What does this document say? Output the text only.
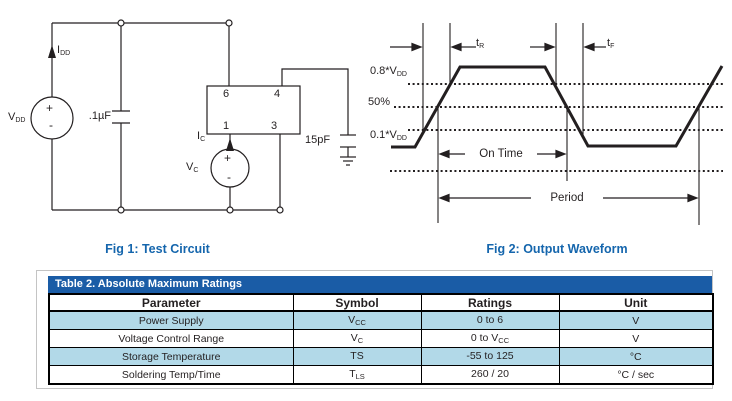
$I_{DD}$
$V_{DD}$
+
-
.1µF
6	4
1	3
$I_C$
$V_C$
+
-
15pF
$0.8*V_{DD}$
50%
$0.1*V_{DD}$
$t_R$	$t_F$
On Time
Period
Fig 1: Test Circuit	Fig 2: Output Waveform
Table 2. Absolute Maximum Ratings
Parameter	Symbol	Ratings	Unit
Power Supply	$V_{CC}$	0 to 6	V
Voltage Control Range	$V_C$	0 to $V_{CC}$	V
Storage Temperature	TS	-55 to 125	°C
Soldering Temp/Time	$T_{LS}$	260 / 20	°C / sec
